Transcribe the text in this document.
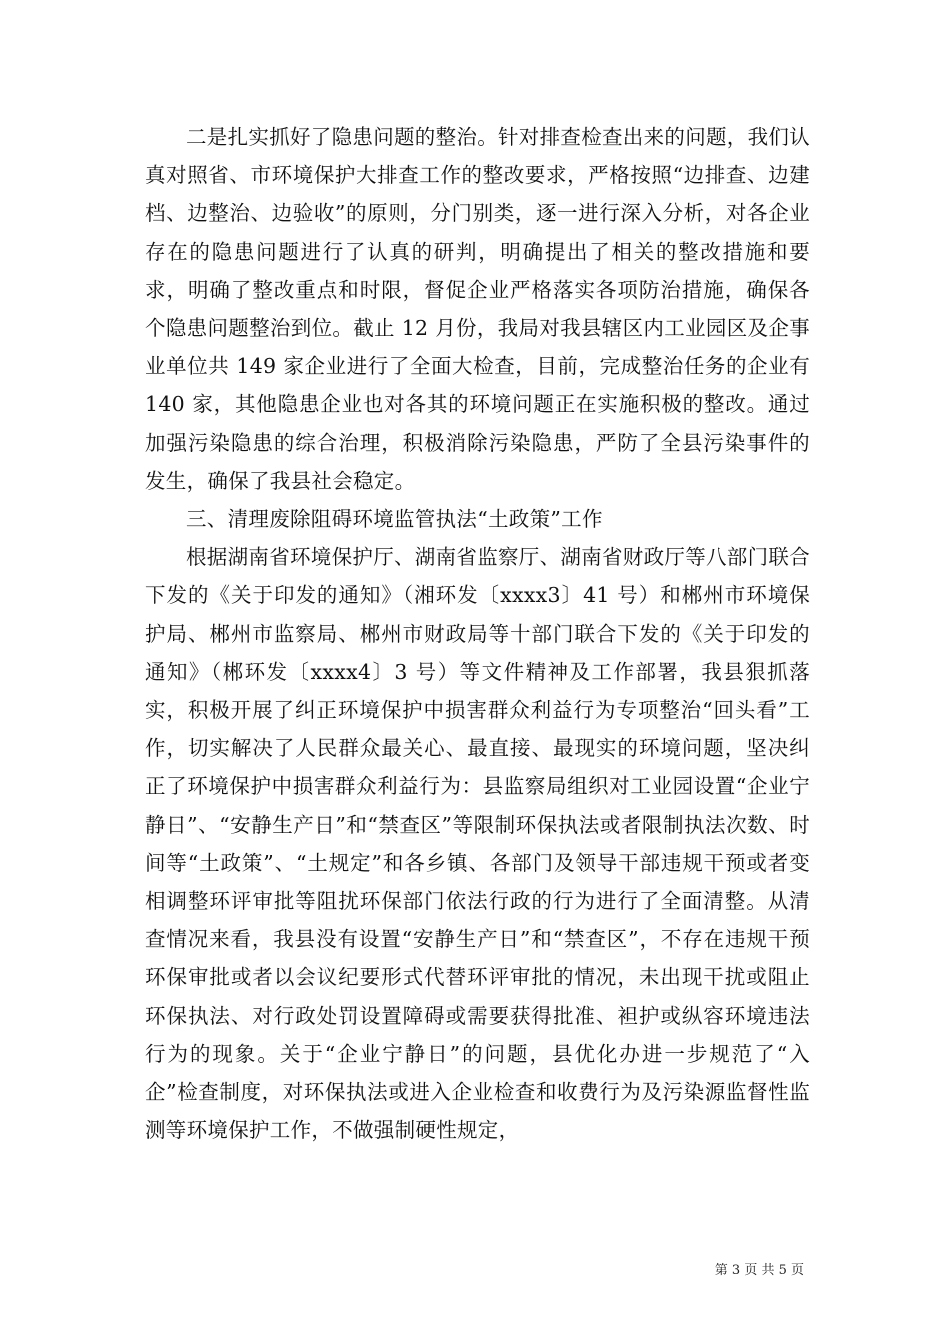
二是扎实抓好了隐患问题的整治。针对排查检查出来的问题，我们认真对照省、市环境保护大排查工作的整改要求，严格按照“边排查、边建档、边整治、边验收”的原则，分门别类，逐一进行深入分析，对各企业存在的隐患问题进行了认真的研判，明确提出了相关的整改措施和要求，明确了整改重点和时限，督促企业严格落实各项防治措施，确保各个隐患问题整治到位。截止 12 月份，我局对我县辖区内工业园区及企事业单位共 149 家企业进行了全面大检查，目前，完成整治任务的企业有 140 家，其他隐患企业也对各其的环境问题正在实施积极的整改。通过加强污染隐患的综合治理，积极消除污染隐患，严防了全县污染事件的发生，确保了我县社会稳定。

三、清理废除阻碍环境监管执法“土政策”工作

根据湖南省环境保护厅、湖南省监察厅、湖南省财政厅等八部门联合下发的《关于印发的通知》（湘环发〔xxxx3〕41 号）和郴州市环境保护局、郴州市监察局、郴州市财政局等十部门联合下发的《关于印发的通知》（郴环发〔xxxx4〕3 号）等文件精神及工作部署，我县狠抓落实，积极开展了纠正环境保护中损害群众利益行为专项整治“回头看”工作，切实解决了人民群众最关心、最直接、最现实的环境问题，坚决纠正了环境保护中损害群众利益行为：县监察局组织对工业园设置“企业宁静日”、“安静生产日”和“禁查区”等限制环保执法或者限制执法次数、时间等“土政策”、“土规定”和各乡镇、各部门及领导干部违规干预或者变相调整环评审批等阻扰环保部门依法行政的行为进行了全面清整。从清查情况来看，我县没有设置“安静生产日”和“禁查区”，不存在违规干预环保审批或者以会议纪要形式代替环评审批的情况，未出现干扰或阻止环保执法、对行政处罚设置障碍或需要获得批准、袒护或纵容环境违法行为的现象。关于“企业宁静日”的问题，县优化办进一步规范了“入企”检查制度，对环保执法或进入企业检查和收费行为及污染源监督性监测等环境保护工作，不做强制硬性规定，

第 3 页 共 5 页
